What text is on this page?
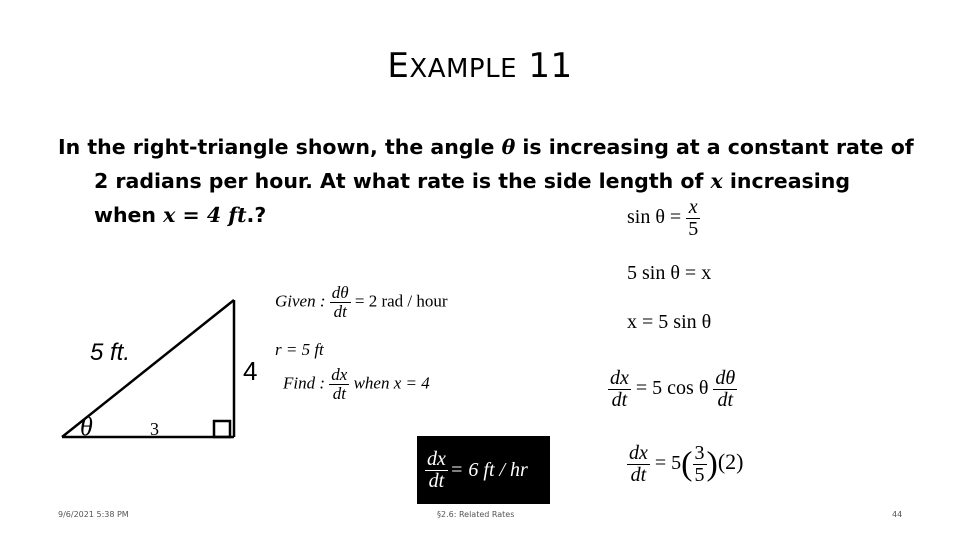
EXAMPLE 11
In the right-triangle shown, the angle θ is increasing at a constant rate of
2 radians per hour. At what rate is the side length of x increasing
when x = 4 ft.?
5 ft.
4
3
θ
Given : $\frac{d\theta}{dt} = 2$ rad / hour
r = 5 ft
Find : $\frac{dx}{dt}$ when x = 4
$\frac{dx}{dt} = 6$ ft / hr
$\sin \theta = \frac{x}{5}$
5 sin θ = x
x = 5 sin θ
$\frac{dx}{dt} = 5$ cos θ $\frac{d\theta}{dt}$
$\frac{dx}{dt} = 5( \frac{3}{5} )(2)$
9/6/2021 5:38 PM	§2.6: Related Rates	44
